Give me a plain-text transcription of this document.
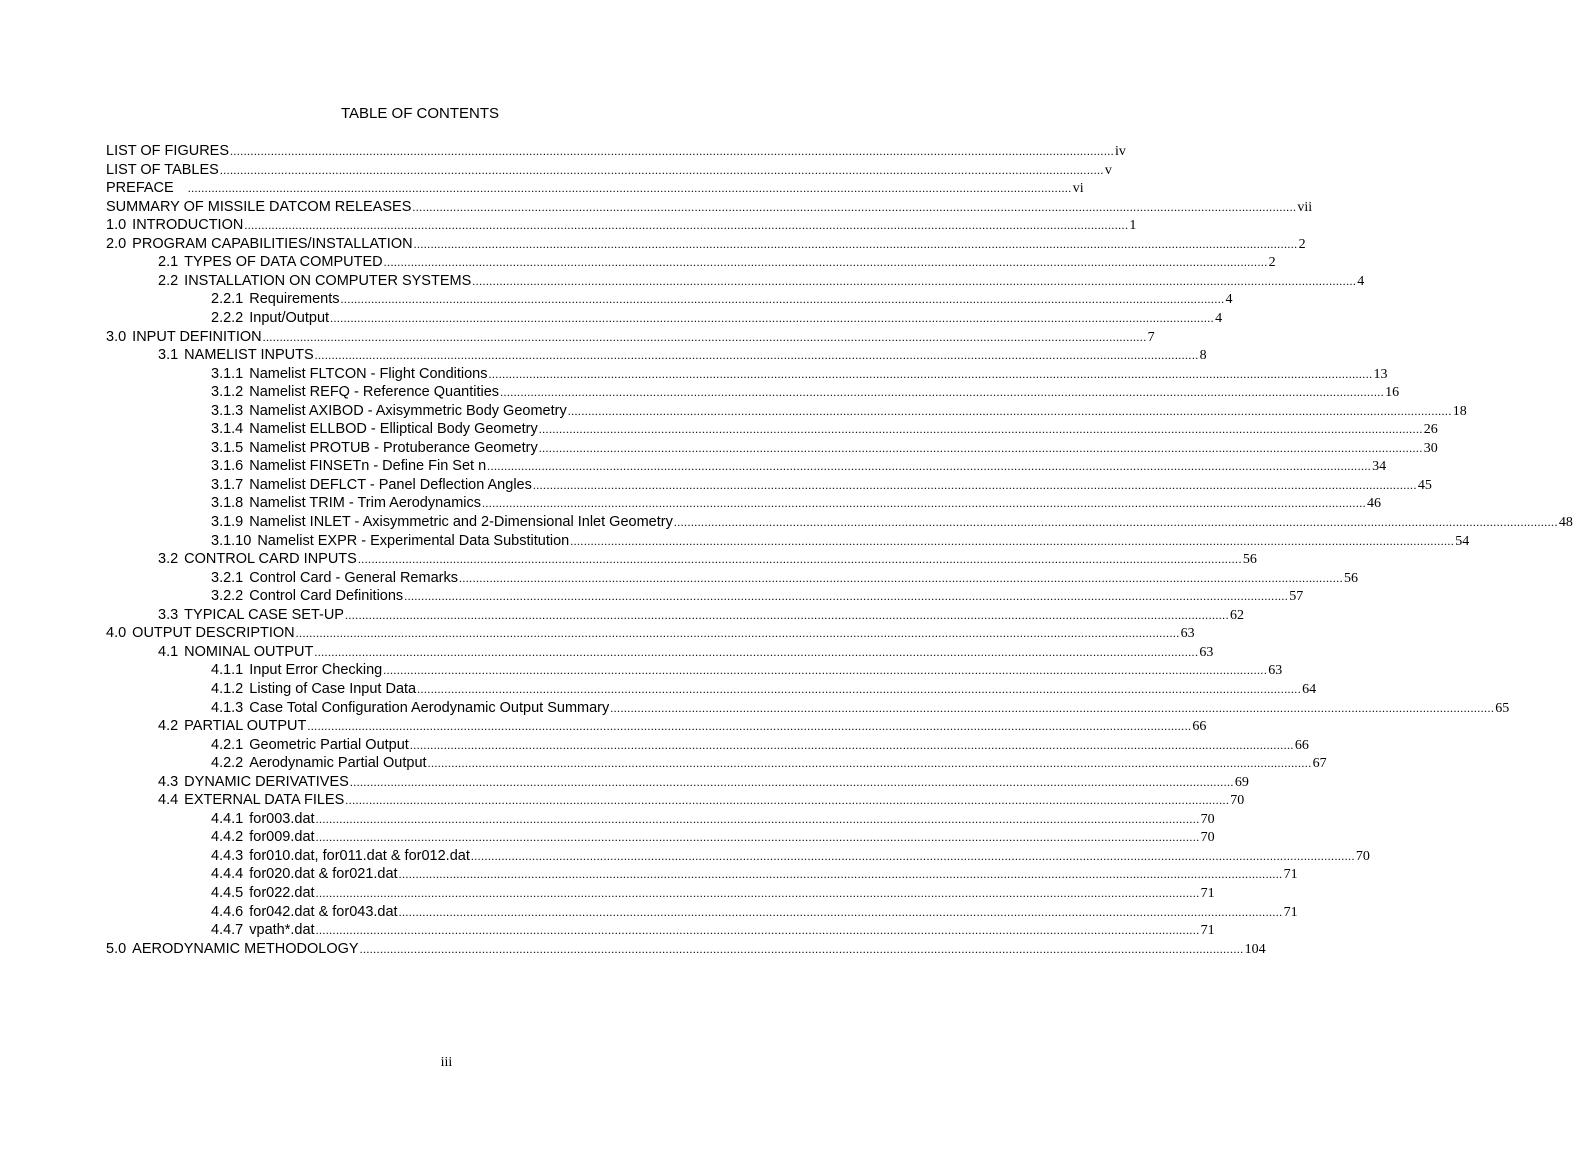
TABLE OF CONTENTS
LIST OF FIGURES .................................................................................................................................................................................................................................................................... iv
LIST OF TABLES .................................................................................................................................................................................................................................................................... v
PREFACE .................................................................................................................................................................................................................................................................... vi
SUMMARY OF MISSILE DATCOM RELEASES .................................................................................................................................................................................................................................................................... vii
1.0 INTRODUCTION .................................................................................................................................................................................................................................................................... 1
2.0 PROGRAM CAPABILITIES/INSTALLATION .................................................................................................................................................................................................................................................................... 2
2.1 TYPES OF DATA COMPUTED .................................................................................................................................................................................................................................................................... 2
2.2 INSTALLATION ON COMPUTER SYSTEMS .................................................................................................................................................................................................................................................................... 4
2.2.1 Requirements .................................................................................................................................................................................................................................................................... 4
2.2.2 Input/Output .................................................................................................................................................................................................................................................................... 4
3.0 INPUT DEFINITION .................................................................................................................................................................................................................................................................... 7
3.1 NAMELIST INPUTS .................................................................................................................................................................................................................................................................... 8
3.1.1 Namelist FLTCON - Flight Conditions .................................................................................................................................................................................................................................................................... 13
3.1.2 Namelist REFQ - Reference Quantities .................................................................................................................................................................................................................................................................... 16
3.1.3 Namelist AXIBOD - Axisymmetric Body Geometry .................................................................................................................................................................................................................................................................... 18
3.1.4 Namelist ELLBOD - Elliptical Body Geometry .................................................................................................................................................................................................................................................................... 26
3.1.5 Namelist PROTUB - Protuberance Geometry .................................................................................................................................................................................................................................................................... 30
3.1.6 Namelist FINSETn - Define Fin Set n .................................................................................................................................................................................................................................................................... 34
3.1.7 Namelist DEFLCT - Panel Deflection Angles .................................................................................................................................................................................................................................................................... 45
3.1.8 Namelist TRIM - Trim Aerodynamics .................................................................................................................................................................................................................................................................... 46
3.1.9 Namelist INLET - Axisymmetric and 2-Dimensional Inlet Geometry .................................................................................................................................................................................................................................................................... 48
3.1.10 Namelist EXPR - Experimental Data Substitution .................................................................................................................................................................................................................................................................... 54
3.2 CONTROL CARD INPUTS .................................................................................................................................................................................................................................................................... 56
3.2.1 Control Card - General Remarks .................................................................................................................................................................................................................................................................... 56
3.2.2 Control Card Definitions .................................................................................................................................................................................................................................................................... 57
3.3 TYPICAL CASE SET-UP .................................................................................................................................................................................................................................................................... 62
4.0 OUTPUT DESCRIPTION .................................................................................................................................................................................................................................................................... 63
4.1 NOMINAL OUTPUT .................................................................................................................................................................................................................................................................... 63
4.1.1 Input Error Checking .................................................................................................................................................................................................................................................................... 63
4.1.2 Listing of Case Input Data .................................................................................................................................................................................................................................................................... 64
4.1.3 Case Total Configuration Aerodynamic Output Summary .................................................................................................................................................................................................................................................................... 65
4.2 PARTIAL OUTPUT .................................................................................................................................................................................................................................................................... 66
4.2.1 Geometric Partial Output .................................................................................................................................................................................................................................................................... 66
4.2.2 Aerodynamic Partial Output .................................................................................................................................................................................................................................................................... 67
4.3 DYNAMIC DERIVATIVES .................................................................................................................................................................................................................................................................... 69
4.4 EXTERNAL DATA FILES .................................................................................................................................................................................................................................................................... 70
4.4.1 for003.dat .................................................................................................................................................................................................................................................................... 70
4.4.2 for009.dat .................................................................................................................................................................................................................................................................... 70
4.4.3 for010.dat, for011.dat & for012.dat .................................................................................................................................................................................................................................................................... 70
4.4.4 for020.dat & for021.dat .................................................................................................................................................................................................................................................................... 71
4.4.5 for022.dat .................................................................................................................................................................................................................................................................... 71
4.4.6 for042.dat & for043.dat .................................................................................................................................................................................................................................................................... 71
4.4.7 vpath*.dat .................................................................................................................................................................................................................................................................... 71
5.0 AERODYNAMIC METHODOLOGY .................................................................................................................................................................................................................................................................... 104
iii
